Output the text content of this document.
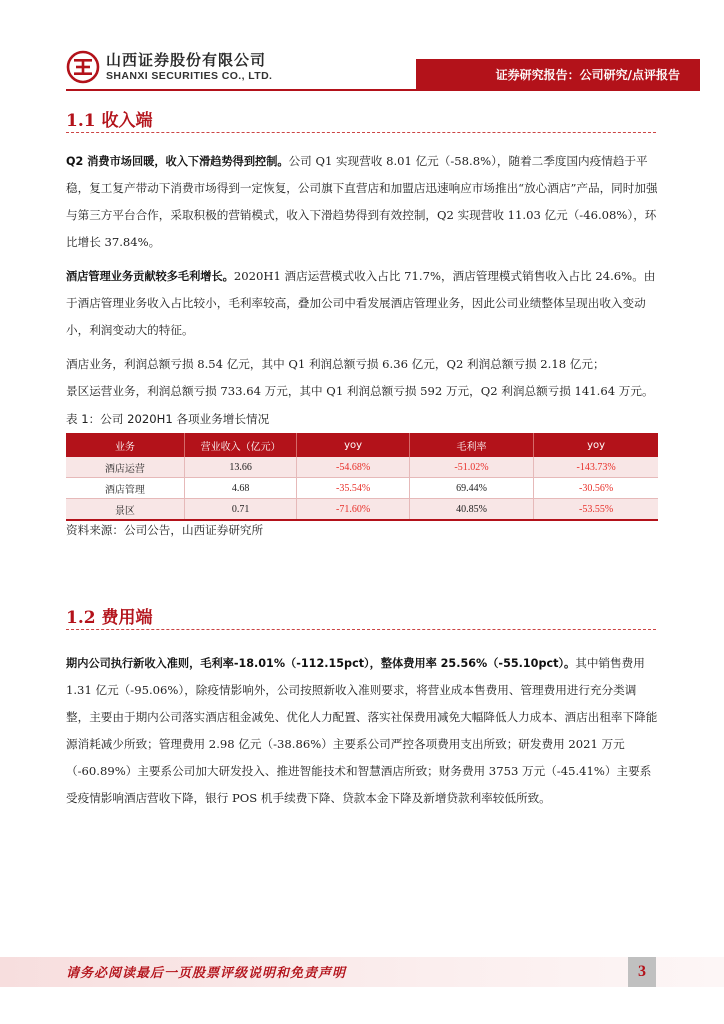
山西证券股份有限公司
SHANXI SECURITIES CO., LTD.	证券研究报告：公司研究/点评报告
1.1 收入端
Q2 消费市场回暖，收入下滑趋势得到控制。公司 Q1 实现营收 8.01 亿元（-58.8%），随着二季度国内疫情趋于平稳，复工复产带动下消费市场得到一定恢复，公司旗下直营店和加盟店迅速响应市场推出“放心酒店”产品，同时加强与第三方平台合作，采取积极的营销模式，收入下滑趋势得到有效控制，Q2 实现营收 11.03 亿元（-46.08%），环比增长 37.84%。
酒店管理业务贡献较多毛利增长。2020H1 酒店运营模式收入占比 71.7%，酒店管理模式销售收入占比 24.6%。由于酒店管理业务收入占比较小，毛利率较高，叠加公司中看发展酒店管理业务，因此公司业绩整体呈现出收入变动小，利润变动大的特征。
酒店业务，利润总额亏损 8.54 亿元，其中 Q1 利润总额亏损 6.36 亿元，Q2 利润总额亏损 2.18 亿元；
景区运营业务，利润总额亏损 733.64 万元，其中 Q1 利润总额亏损 592 万元，Q2 利润总额亏损 141.64 万元。
表 1：公司 2020H1 各项业务增长情况
业务	营业收入（亿元）	yoy	毛利率	yoy
酒店运营	13.66	-54.68%	-51.02%	-143.73%
酒店管理	4.68	-35.54%	69.44%	-30.56%
景区	0.71	-71.60%	40.85%	-53.55%
资料来源：公司公告，山西证券研究所
1.2 费用端
期内公司执行新收入准则，毛利率-18.01%（-112.15pct），整体费用率 25.56%（-55.10pct）。其中销售费用 1.31 亿元（-95.06%），除疫情影响外，公司按照新收入准则要求，将营业成本售费用、管理费用进行充分类调整，主要由于期内公司落实酒店租金减免、优化人力配置、落实社保费用减免大幅降低人力成本、酒店出租率下降能源消耗减少所致；管理费用 2.98 亿元（-38.86%）主要系公司严控各项费用支出所致；研发费用 2021 万元（-60.89%）主要系公司加大研发投入、推进智能技术和智慧酒店所致；财务费用 3753 万元（-45.41%）主要系受疫情影响酒店营收下降，银行 POS 机手续费下降、贷款本金下降及新增贷款利率较低所致。
请务必阅读最后一页股票评级说明和免责声明	3
